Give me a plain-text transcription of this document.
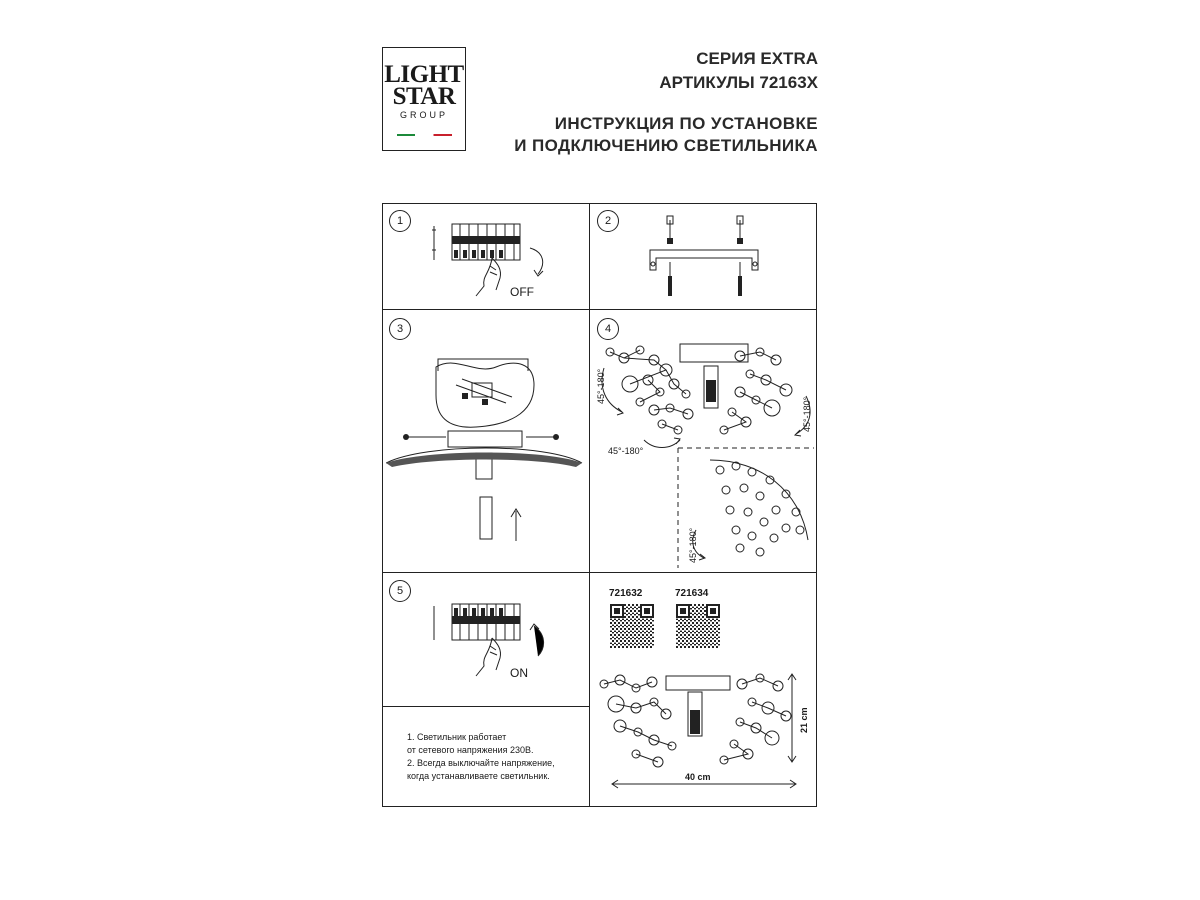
LIGHT
STAR
GROUP
СЕРИЯ EXTRA
АРТИКУЛЫ 72163X
ИНСТРУКЦИЯ ПО УСТАНОВКЕ
И ПОДКЛЮЧЕНИЮ СВЕТИЛЬНИКА
1	2
3	4
5
OFF
45°-180°
45°-180°
45°-180°
45°-180°
ON
1. Светильник работает
от сетевого напряжения 230В.
2. Всегда выключайте напряжение,
когда устанавливаете светильник.
721632	721634
21 cm
40 cm
